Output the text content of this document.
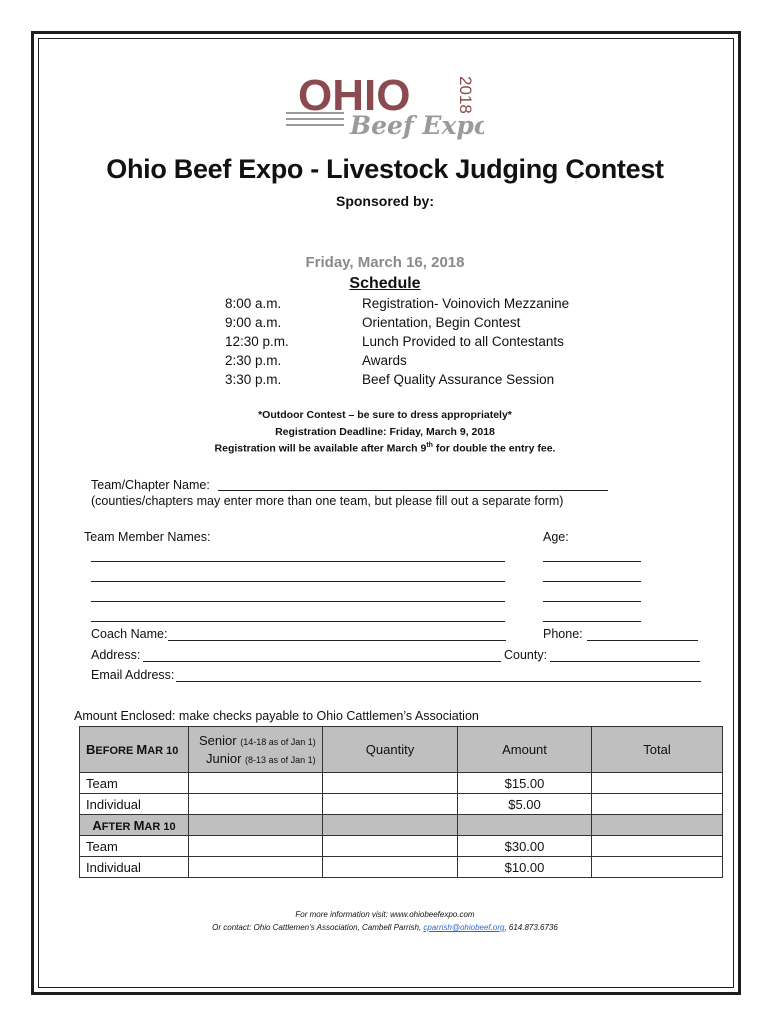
OHIO
Beef Expo
2018
Ohio Beef Expo - Livestock Judging Contest
Sponsored by:
Friday, March 16, 2018
Schedule
8:00 a.m.	Registration- Voinovich Mezzanine
9:00 a.m.	Orientation, Begin Contest
12:30 p.m.	Lunch Provided to all Contestants
2:30 p.m.	Awards
3:30 p.m.	Beef Quality Assurance Session
*Outdoor Contest – be sure to dress appropriately*
Registration Deadline: Friday, March 9, 2018
Registration will be available after March 9th for double the entry fee.
Team/Chapter Name:
(counties/chapters may enter more than one team, but please fill out a separate form)
Team Member Names:	Age:
Coach Name:	Phone:
Address:	County:
Email Address:
Amount Enclosed: make checks payable to Ohio Cattlemen’s Association
BEFORE MAR 10	Senior (14-18 as of Jan 1)
Junior (8-13 as of Jan 1)	Quantity	Amount	Total
Team			$15.00	
Individual			$5.00	
AFTER MAR 10				
Team			$30.00	
Individual			$10.00	
For more information visit: www.ohiobeefexpo.com
Or contact: Ohio Cattlemen’s Association, Cambell Parrish, cparrish@ohiobeef.org, 614.873.6736
